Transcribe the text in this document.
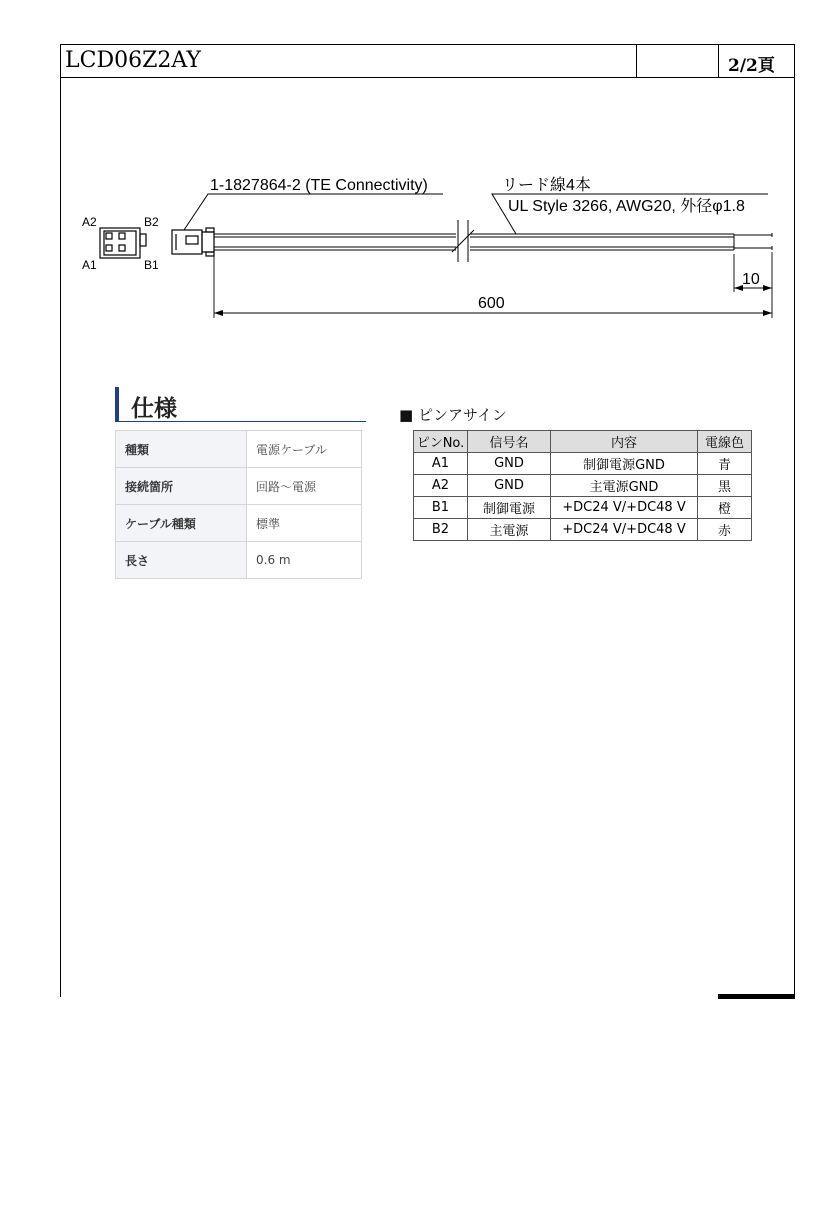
LCD06Z2AY	2/2頁
A2	B2
A1	B1
1-1827864-2 (TE Connectivity)	リード線4本
UL Style 3266, AWG20, 外径φ1.8
10
600
仕様
種類	電源ケーブル
接続箇所	回路～電源
ケーブル種類	標準
長さ	0.6 m
■ ピンアサイン
ピンNo.	信号名	内容	電線色
A1	GND	制御電源GND	青
A2	GND	主電源GND	黒
B1	制御電源	+DC24 V/+DC48 V	橙
B2	主電源	+DC24 V/+DC48 V	赤
